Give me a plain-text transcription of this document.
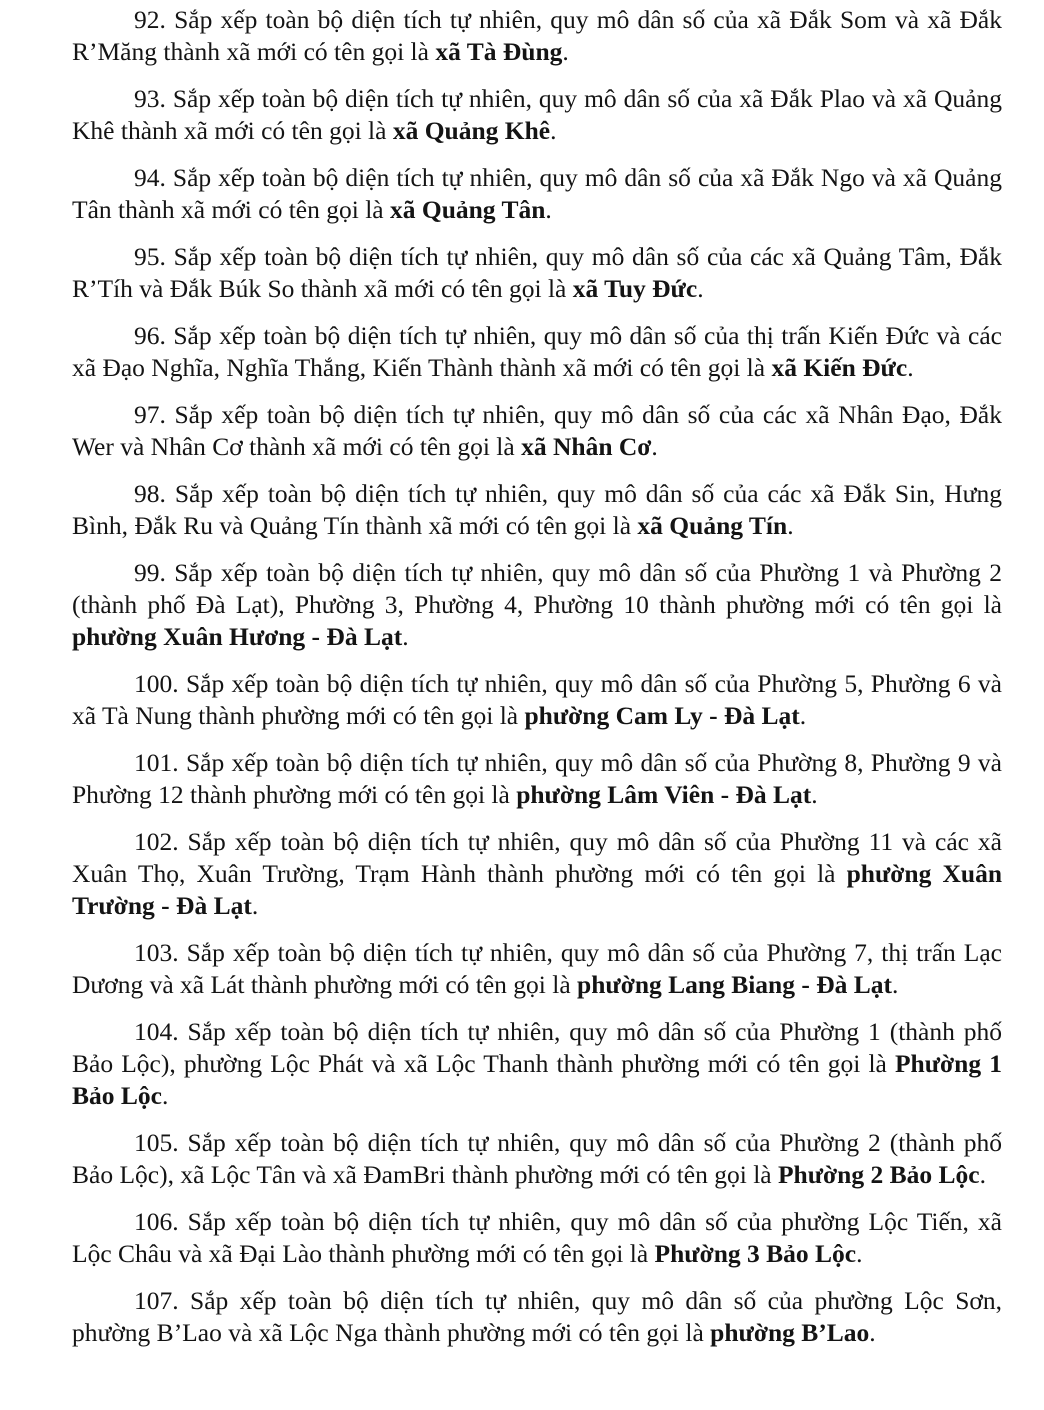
92. Sắp xếp toàn bộ diện tích tự nhiên, quy mô dân số của xã Đắk Som và xã Đắk R’Măng thành xã mới có tên gọi là xã Tà Đùng.

93. Sắp xếp toàn bộ diện tích tự nhiên, quy mô dân số của xã Đắk Plao và xã Quảng Khê thành xã mới có tên gọi là xã Quảng Khê.

94. Sắp xếp toàn bộ diện tích tự nhiên, quy mô dân số của xã Đắk Ngo và xã Quảng Tân thành xã mới có tên gọi là xã Quảng Tân.

95. Sắp xếp toàn bộ diện tích tự nhiên, quy mô dân số của các xã Quảng Tâm, Đắk R’Tíh và Đắk Búk So thành xã mới có tên gọi là xã Tuy Đức.

96. Sắp xếp toàn bộ diện tích tự nhiên, quy mô dân số của thị trấn Kiến Đức và các xã Đạo Nghĩa, Nghĩa Thắng, Kiến Thành thành xã mới có tên gọi là xã Kiến Đức.

97. Sắp xếp toàn bộ diện tích tự nhiên, quy mô dân số của các xã Nhân Đạo, Đắk Wer và Nhân Cơ thành xã mới có tên gọi là xã Nhân Cơ.

98. Sắp xếp toàn bộ diện tích tự nhiên, quy mô dân số của các xã Đắk Sin, Hưng Bình, Đắk Ru và Quảng Tín thành xã mới có tên gọi là xã Quảng Tín.

99. Sắp xếp toàn bộ diện tích tự nhiên, quy mô dân số của Phường 1 và Phường 2 (thành phố Đà Lạt), Phường 3, Phường 4, Phường 10 thành phường mới có tên gọi là phường Xuân Hương - Đà Lạt.

100. Sắp xếp toàn bộ diện tích tự nhiên, quy mô dân số của Phường 5, Phường 6 và xã Tà Nung thành phường mới có tên gọi là phường Cam Ly - Đà Lạt.

101. Sắp xếp toàn bộ diện tích tự nhiên, quy mô dân số của Phường 8, Phường 9 và Phường 12 thành phường mới có tên gọi là phường Lâm Viên - Đà Lạt.

102. Sắp xếp toàn bộ diện tích tự nhiên, quy mô dân số của Phường 11 và các xã Xuân Thọ, Xuân Trường, Trạm Hành thành phường mới có tên gọi là phường Xuân Trường - Đà Lạt.

103. Sắp xếp toàn bộ diện tích tự nhiên, quy mô dân số của Phường 7, thị trấn Lạc Dương và xã Lát thành phường mới có tên gọi là phường Lang Biang - Đà Lạt.

104. Sắp xếp toàn bộ diện tích tự nhiên, quy mô dân số của Phường 1 (thành phố Bảo Lộc), phường Lộc Phát và xã Lộc Thanh thành phường mới có tên gọi là Phường 1 Bảo Lộc.

105. Sắp xếp toàn bộ diện tích tự nhiên, quy mô dân số của Phường 2 (thành phố Bảo Lộc), xã Lộc Tân và xã ĐamBri thành phường mới có tên gọi là Phường 2 Bảo Lộc.

106. Sắp xếp toàn bộ diện tích tự nhiên, quy mô dân số của phường Lộc Tiến, xã Lộc Châu và xã Đại Lào thành phường mới có tên gọi là Phường 3 Bảo Lộc.

107. Sắp xếp toàn bộ diện tích tự nhiên, quy mô dân số của phường Lộc Sơn, phường B’Lao và xã Lộc Nga thành phường mới có tên gọi là phường B’Lao.
